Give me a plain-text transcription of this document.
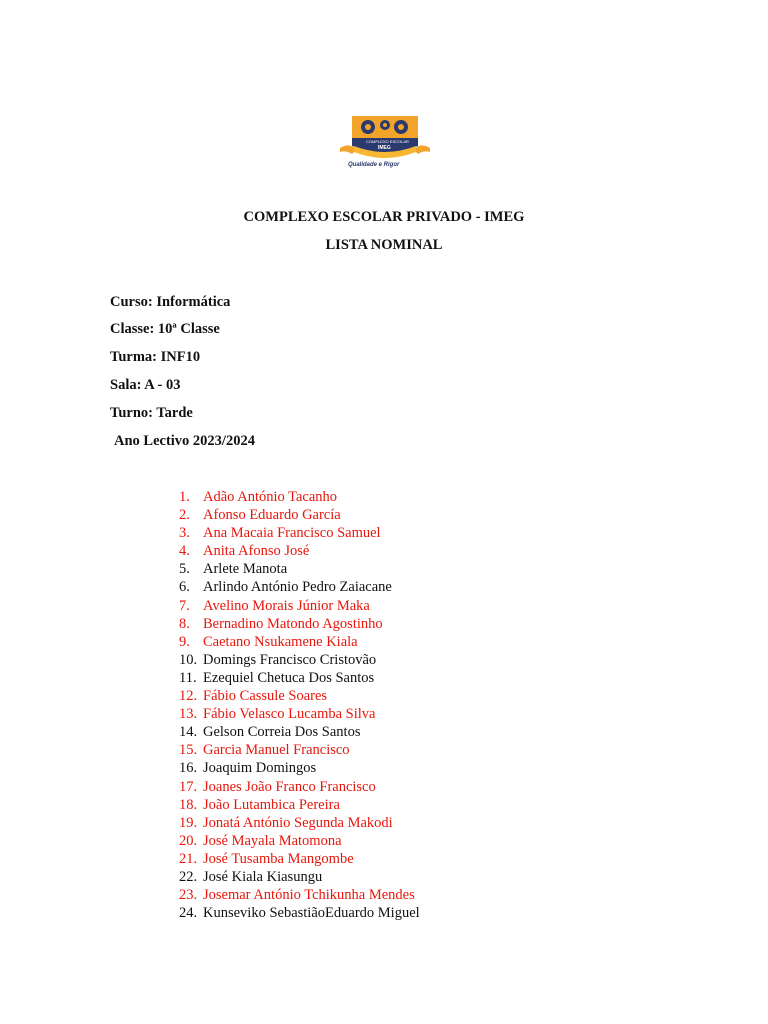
COMPLEXO ESCOLAR
IMEG
Qualidade e Rigor
COMPLEXO ESCOLAR PRIVADO - IMEG
LISTA NOMINAL
Curso: Informática
Classe: 10ª Classe
Turma: INF10
Sala: A - 03
Turno: Tarde
Ano Lectivo 2023/2024
1. Adão António Tacanho
2. Afonso Eduardo García
3. Ana Macaia Francisco Samuel
4. Anita Afonso José
5. Arlete Manota
6. Arlindo António Pedro Zaiacane
7. Avelino Morais Júnior Maka
8. Bernadino Matondo Agostinho
9. Caetano Nsukamene Kiala
10. Domings Francisco Cristovão
11. Ezequiel Chetuca Dos Santos
12. Fábio Cassule Soares
13. Fábio Velasco Lucamba Silva
14. Gelson Correia Dos Santos
15. Garcia Manuel Francisco
16. Joaquim Domingos
17. Joanes João Franco Francisco
18. João Lutambica Pereira
19. Jonatá António Segunda Makodi
20. José Mayala Matomona
21. José Tusamba Mangombe
22. José Kiala Kiasungu
23. Josemar António Tchikunha Mendes
24. Kunseviko SebastiãoEduardo Miguel
